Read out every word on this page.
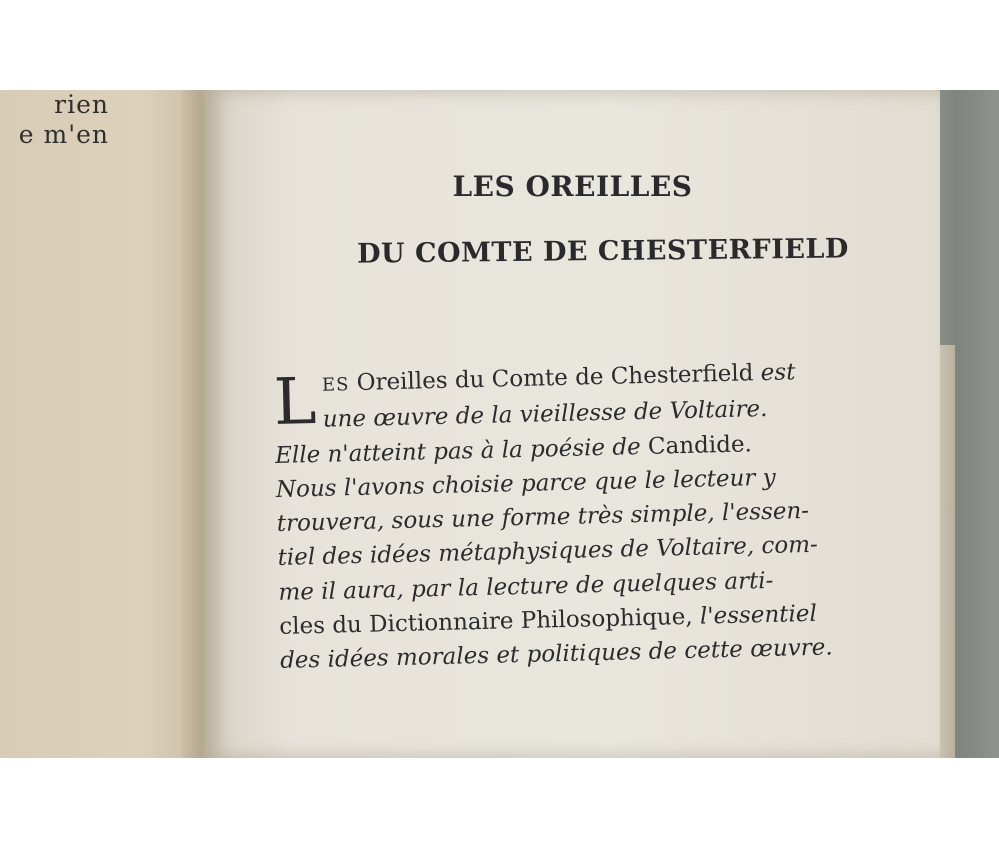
rien
e m'en

LES OREILLES
DU COMTE DE CHESTERFIELD
L ES Oreilles du Comte de Chesterfield est
une œuvre de la vieillesse de Voltaire.
Elle n'atteint pas à la poésie de Candide.
Nous l'avons choisie parce que le lecteur y
trouvera, sous une forme très simple, l'essen-
tiel des idées métaphysiques de Voltaire, com-
me il aura, par la lecture de quelques arti-
cles du Dictionnaire Philosophique, l'essentiel
des idées morales et politiques de cette œuvre.
